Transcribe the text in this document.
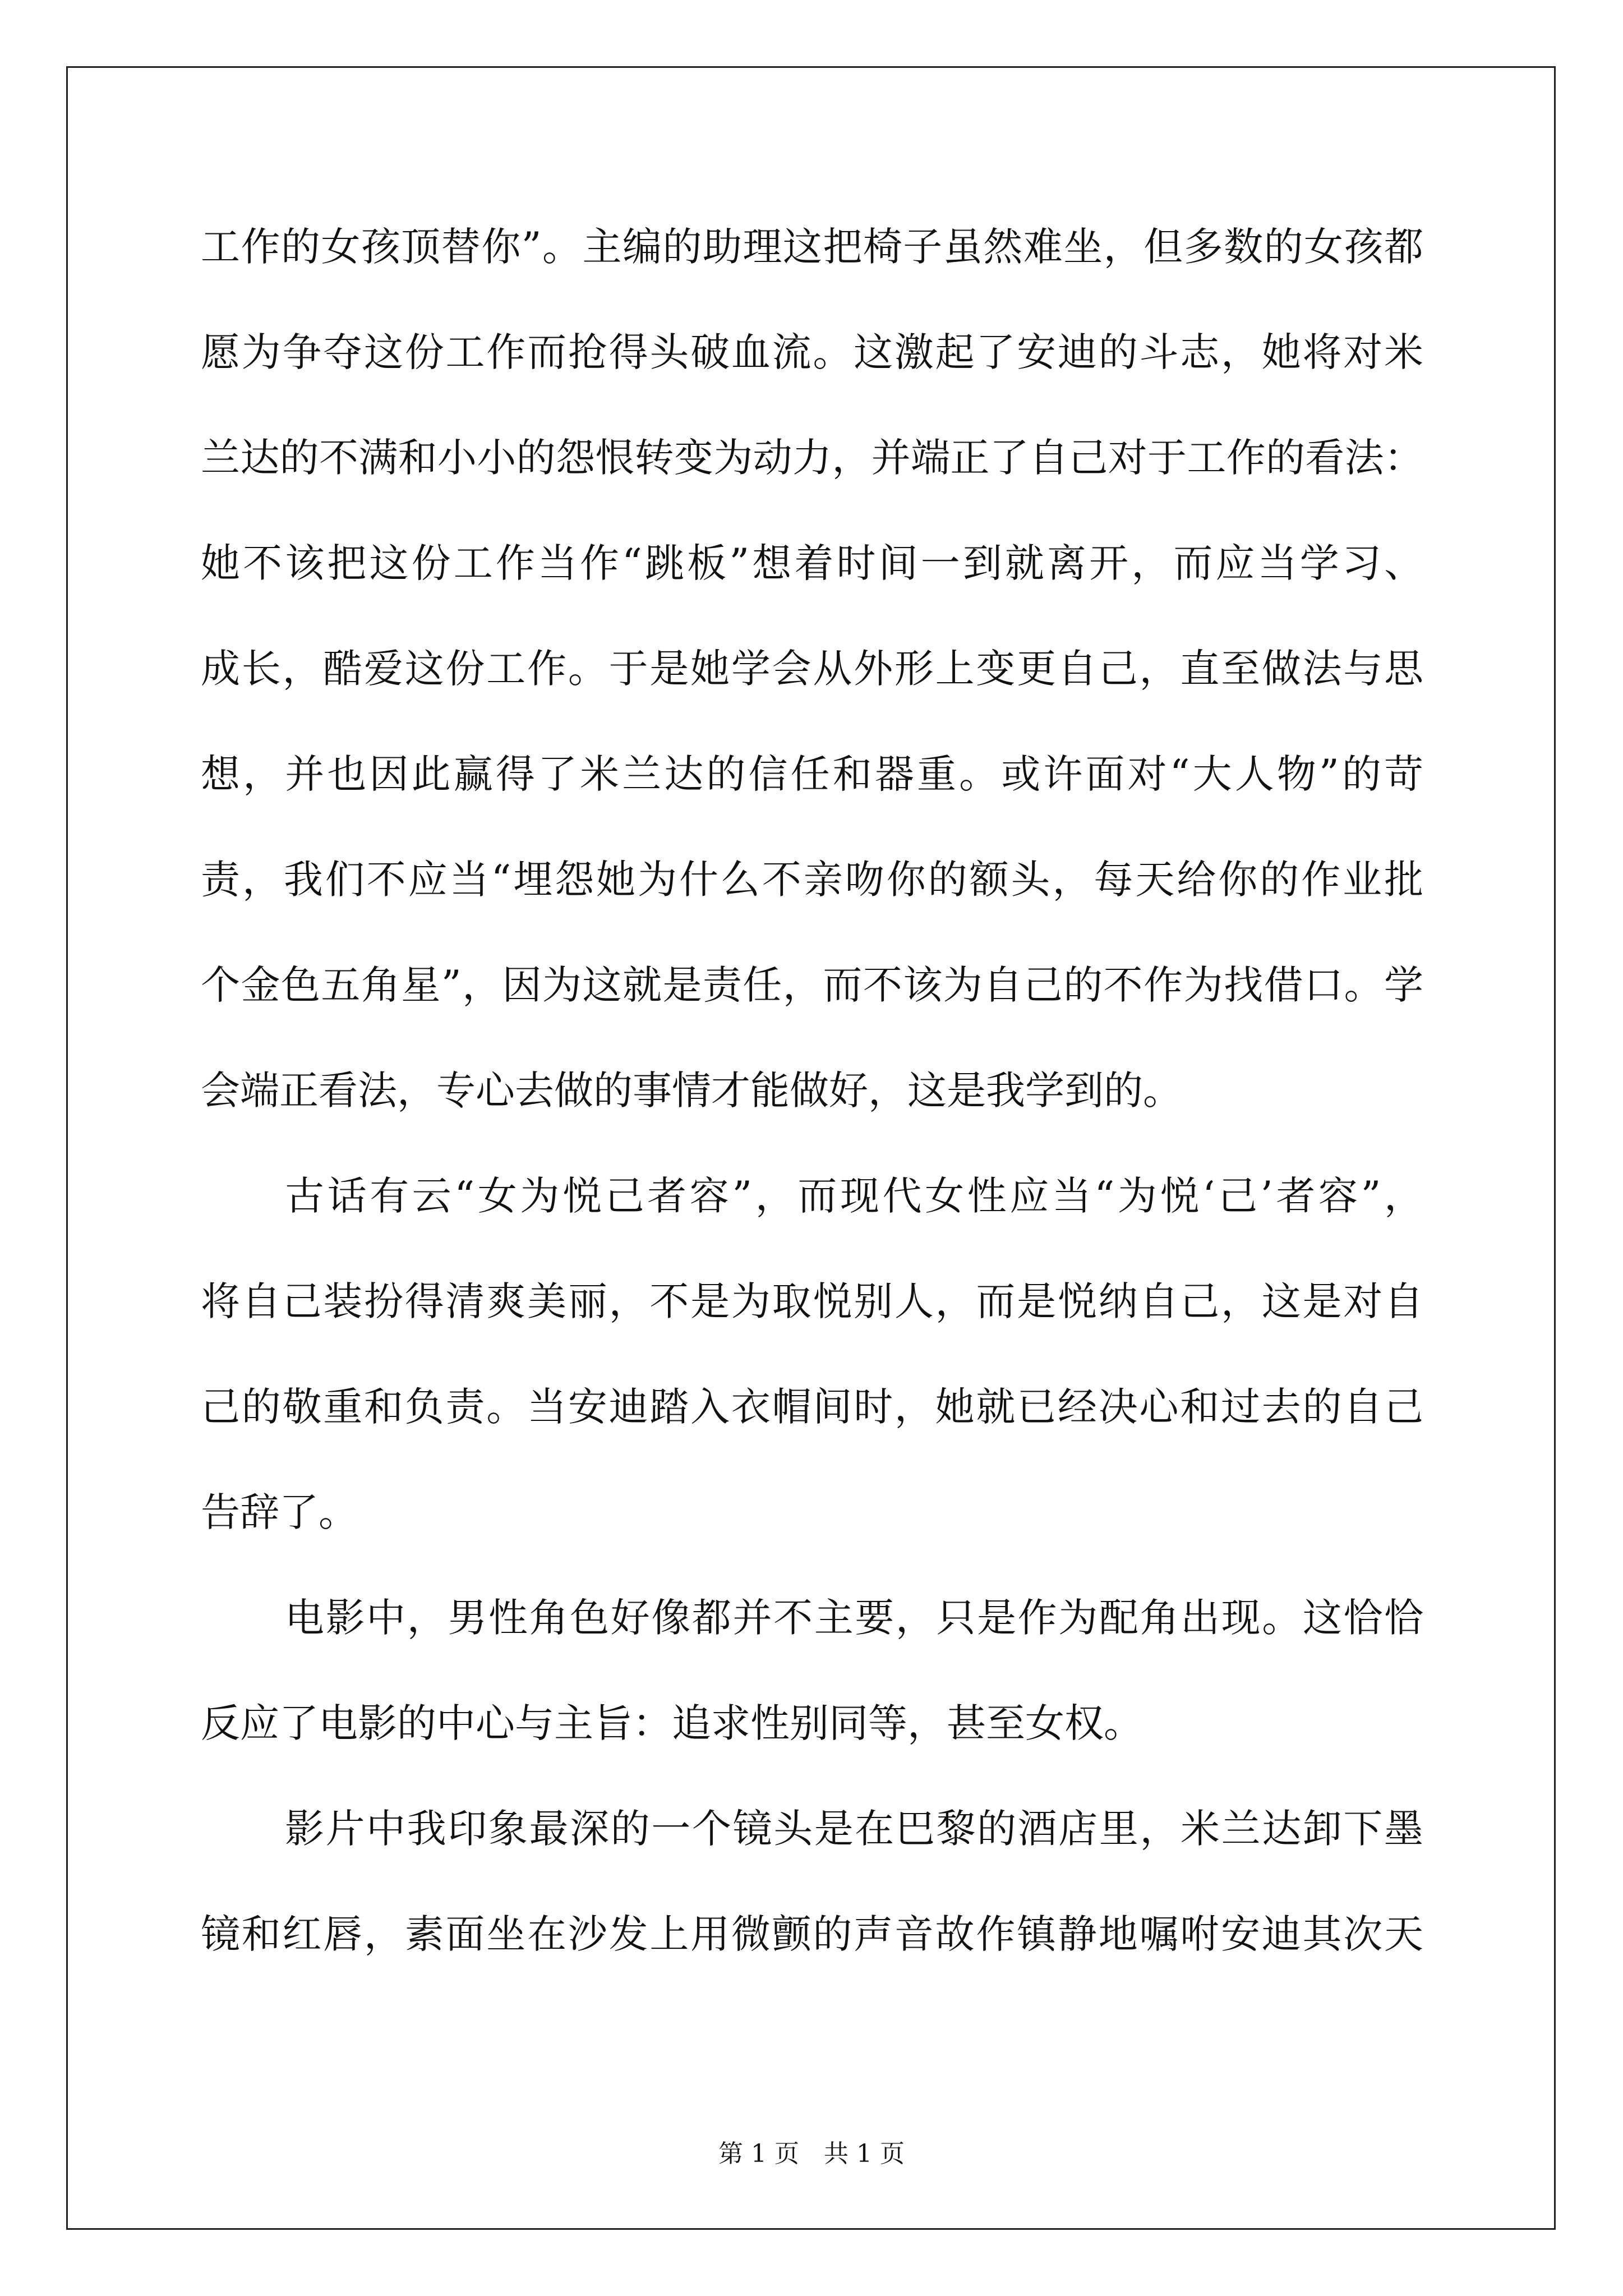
工作的女孩顶替你”。主编的助理这把椅子虽然难坐，但多数的女孩都
愿为争夺这份工作而抢得头破血流。这激起了安迪的斗志，她将对米
兰达的不满和小小的怨恨转变为动力，并端正了自己对于工作的看法：
她不该把这份工作当作“跳板”想着时间一到就离开，而应当学习、
成长，酷爱这份工作。于是她学会从外形上变更自己，直至做法与思
想，并也因此赢得了米兰达的信任和器重。或许面对“大人物”的苛
责，我们不应当“埋怨她为什么不亲吻你的额头，每天给你的作业批
个金色五角星”，因为这就是责任，而不该为自己的不作为找借口。学
会端正看法，专心去做的事情才能做好，这是我学到的。
古话有云“女为悦己者容”，而现代女性应当“为悦‘己’者容”，
将自己装扮得清爽美丽，不是为取悦别人，而是悦纳自己，这是对自
己的敬重和负责。当安迪踏入衣帽间时，她就已经决心和过去的自己
告辞了。
电影中，男性角色好像都并不主要，只是作为配角出现。这恰恰
反应了电影的中心与主旨：追求性别同等，甚至女权。
影片中我印象最深的一个镜头是在巴黎的酒店里，米兰达卸下墨
镜和红唇，素面坐在沙发上用微颤的声音故作镇静地嘱咐安迪其次天
第 1 页　共 1 页
